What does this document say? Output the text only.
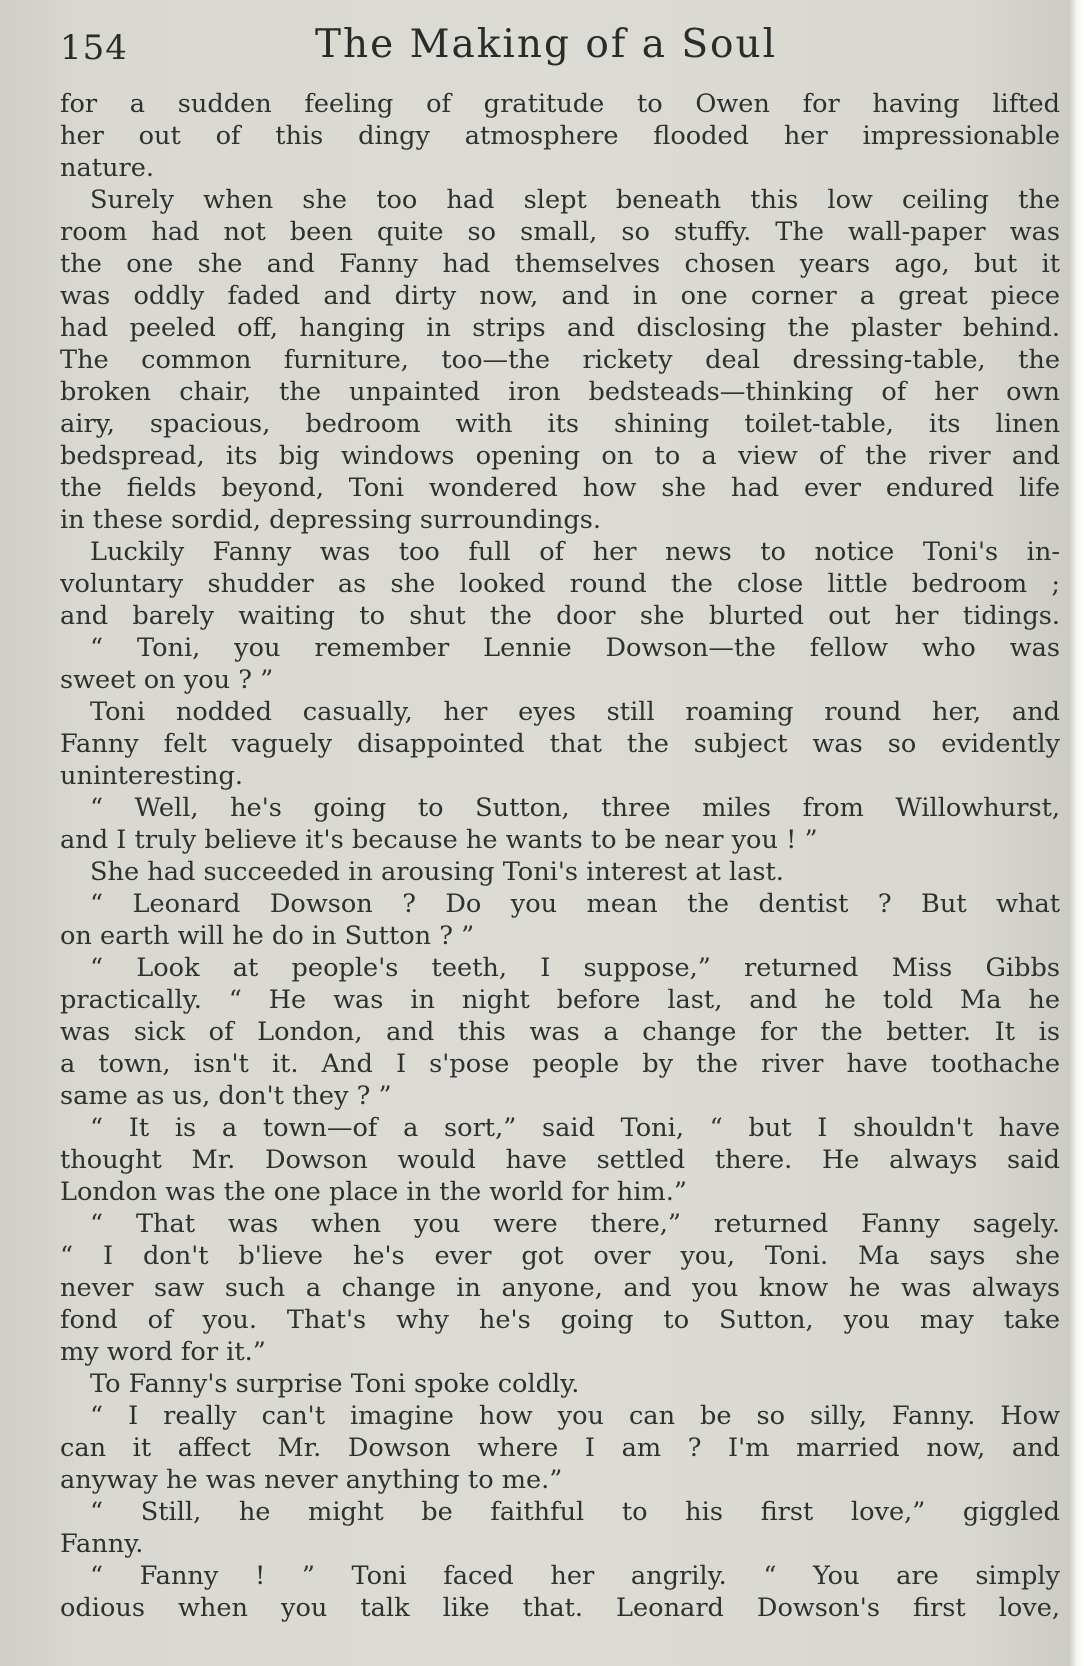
154	The Making of a Soul
for a sudden feeling of gratitude to Owen for having lifted
her out of this dingy atmosphere flooded her impressionable
nature.
Surely when she too had slept beneath this low ceiling the
room had not been quite so small, so stuffy. The wall-paper was
the one she and Fanny had themselves chosen years ago, but it
was oddly faded and dirty now, and in one corner a great piece
had peeled off, hanging in strips and disclosing the plaster behind.
The common furniture, too—the rickety deal dressing-table, the
broken chair, the unpainted iron bedsteads—thinking of her own
airy, spacious, bedroom with its shining toilet-table, its linen
bedspread, its big windows opening on to a view of the river and
the fields beyond, Toni wondered how she had ever endured life
in these sordid, depressing surroundings.
Luckily Fanny was too full of her news to notice Toni's in-
voluntary shudder as she looked round the close little bedroom ;
and barely waiting to shut the door she blurted out her tidings.
“ Toni, you remember Lennie Dowson—the fellow who was
sweet on you ? ”
Toni nodded casually, her eyes still roaming round her, and
Fanny felt vaguely disappointed that the subject was so evidently
uninteresting.
“ Well, he's going to Sutton, three miles from Willowhurst,
and I truly believe it's because he wants to be near you ! ”
She had succeeded in arousing Toni's interest at last.
“ Leonard Dowson ? Do you mean the dentist ? But what
on earth will he do in Sutton ? ”
“ Look at people's teeth, I suppose,” returned Miss Gibbs
practically. “ He was in night before last, and he told Ma he
was sick of London, and this was a change for the better. It is
a town, isn't it. And I s'pose people by the river have toothache
same as us, don't they ? ”
“ It is a town—of a sort,” said Toni, “ but I shouldn't have
thought Mr. Dowson would have settled there. He always said
London was the one place in the world for him.”
“ That was when you were there,” returned Fanny sagely.
“ I don't b'lieve he's ever got over you, Toni. Ma says she
never saw such a change in anyone, and you know he was always
fond of you. That's why he's going to Sutton, you may take
my word for it.”
To Fanny's surprise Toni spoke coldly.
“ I really can't imagine how you can be so silly, Fanny. How
can it affect Mr. Dowson where I am ? I'm married now, and
anyway he was never anything to me.”
“ Still, he might be faithful to his first love,” giggled
Fanny.
“ Fanny ! ” Toni faced her angrily. “ You are simply
odious when you talk like that. Leonard Dowson's first love,
